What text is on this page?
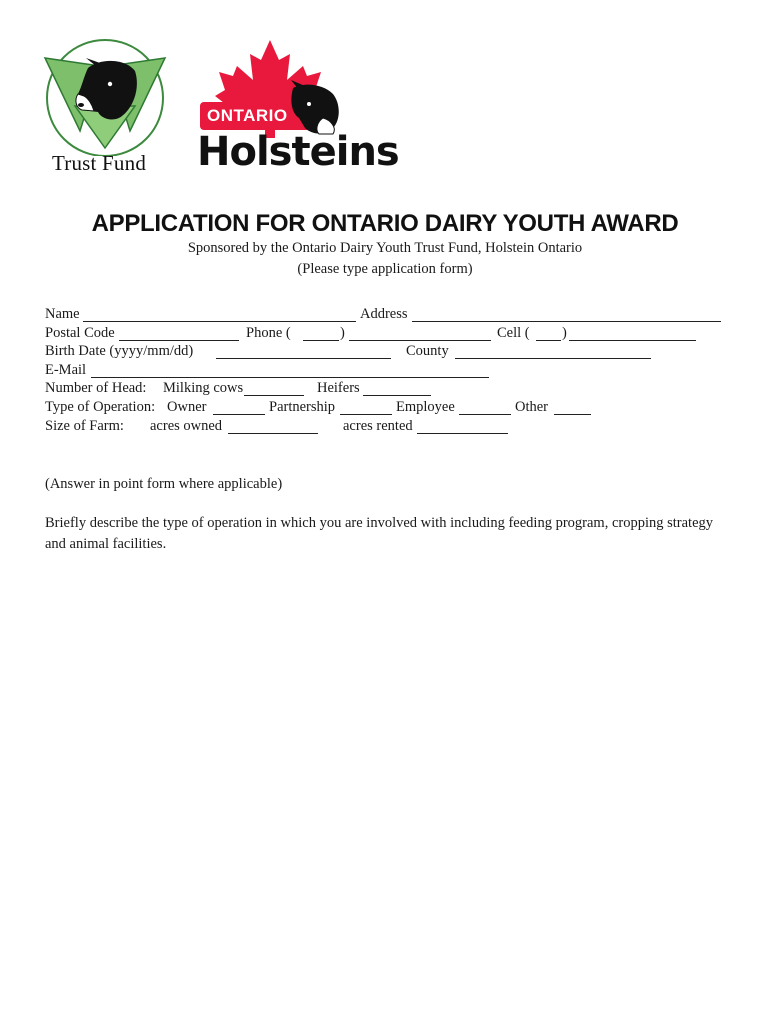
Trust Fund
ONTARIO
Holsteins
APPLICATION FOR ONTARIO DAIRY YOUTH AWARD
Sponsored by the Ontario Dairy Youth Trust Fund, Holstein Ontario
(Please type application form)
Name	Address
Postal Code	Phone (	)	Cell ( )
Birth Date (yyyy/mm/dd)	County
E-Mail
Number of Head: Milking cows	Heifers
Type of Operation: Owner	Partnership	Employee	Other
Size of Farm: acres owned	acres rented
(Answer in point form where applicable)
Briefly describe the type of operation in which you are involved with including feeding program, cropping strategy and animal facilities.
